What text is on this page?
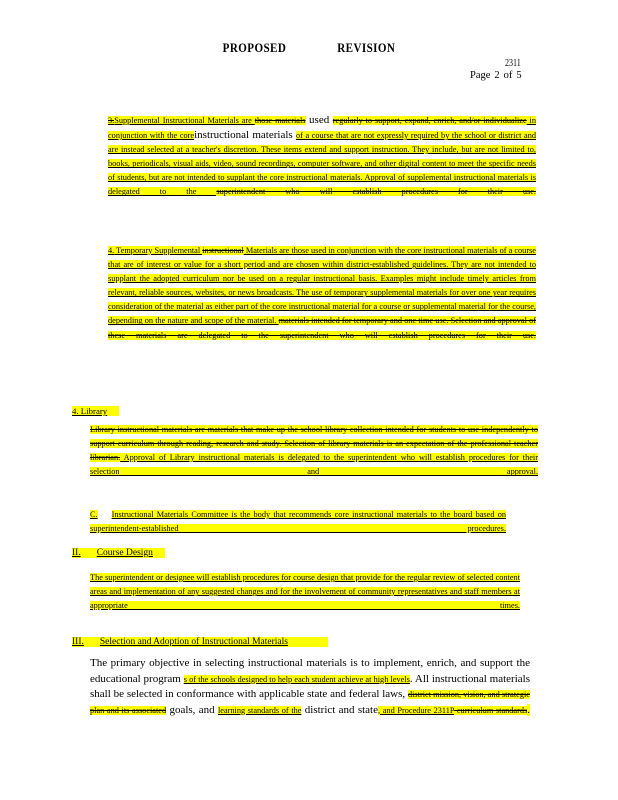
PROPOSED	REVISION
2311
Page 2 of 5
3.Supplemental Instructional Materials are those materials used regularly to support, expand, enrich, and/or individualize in conjunction with the coreinstructional materials of a course that are not expressly required by the school or district and are instead selected at a teacher's discretion. These items extend and support instruction. They include, but are not limited to, books, periodicals, visual aids, video, sound recordings, computer software, and other digital content to meet the specific needs of students, but are not intended to supplant the core instructional materials. Approval of supplemental instructional materials is delegated to the superintendent who will establish procedures for their use.
4. Temporary Supplemental instructional Materials are those used in conjunction with the core instructional materials of a course that are of interest or value for a short period and are chosen within district-established guidelines. They are not intended to supplant the adopted curriculum nor be used on a regular instructional basis. Examples might include timely articles from relevant, reliable sources, websites, or news broadcasts. The use of temporary supplemental materials for over one year requires consideration of the material as either part of the core instructional material for a course or supplemental material for the course, depending on the nature and scope of the material. materials intended for temporary and one time use. Selection and approval of these materials are delegated to the superintendent who will establish procedures for their use.
4. Library
Library instructional materials are materials that make up the school library collection intended for students to use independently to support curriculum through reading, research and study. Selection of library materials is an expectation of the professional teacher librarian. Approval of Library instructional materials is delegated to the superintendent who will establish procedures for their selection and approval.
C. Instructional Materials Committee is the body that recommends core instructional materials to the board based on superintendent-established procedures.
II. Course Design
The superintendent or designee will establish procedures for course design that provide for the regular review of selected content areas and implementation of any suggested changes and for the involvement of community representatives and staff members at appropriate times.
III. Selection and Adoption of Instructional Materials
The primary objective in selecting instructional materials is to implement, enrich, and support the educational program s of the schools designed to help each student achieve at high levels. All instructional materials shall be selected in conformance with applicable state and federal laws, district mission, vision, and strategic plan and its associated goals, and learning standards of the district and state, and Procedure 2311P curriculum standards.
